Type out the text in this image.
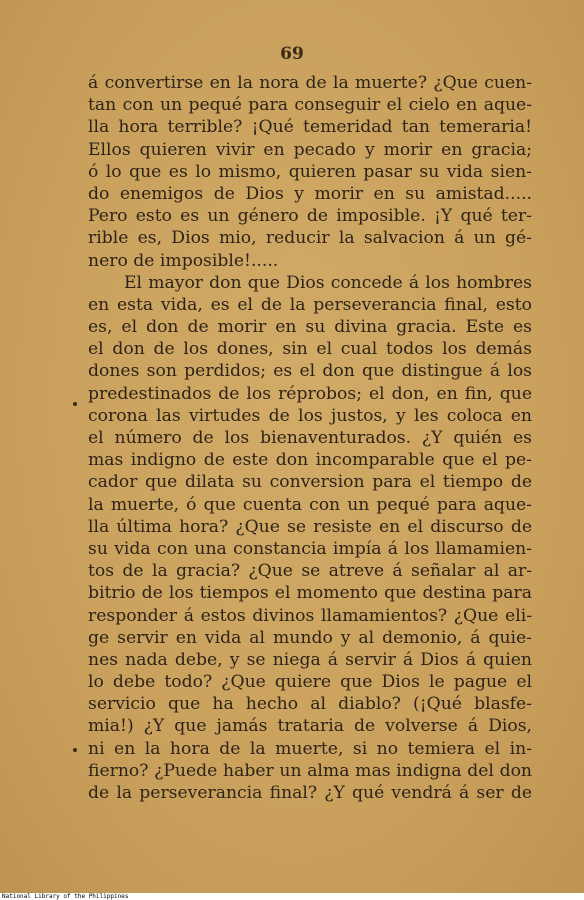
69
á convertirse en la nora de la muerte? ¿Que cuen-
tan con un pequé para conseguir el cielo en aque-
lla hora terrible? ¡Qué temeridad tan temeraria!
Ellos quieren vivir en pecado y morir en gracia;
ó lo que es lo mismo, quieren pasar su vida sien-
do enemigos de Dios y morir en su amistad.....
Pero esto es un género de imposible. ¡Y qué ter-
rible es, Dios mio, reducir la salvacion á un gé-
nero de imposible!.....
El mayor don que Dios concede á los hombres
en esta vida, es el de la perseverancia final, esto
es, el don de morir en su divina gracia. Este es
el don de los dones, sin el cual todos los demás
dones son perdidos; es el don que distingue á los
predestinados de los réprobos; el don, en fin, que
corona las virtudes de los justos, y les coloca en
el número de los bienaventurados. ¿Y quién es
mas indigno de este don incomparable que el pe-
cador que dilata su conversion para el tiempo de
la muerte, ó que cuenta con un pequé para aque-
lla última hora? ¿Que se resiste en el discurso de
su vida con una constancia impía á los llamamien-
tos de la gracia? ¿Que se atreve á señalar al ar-
bitrio de los tiempos el momento que destina para
responder á estos divinos llamamientos? ¿Que eli-
ge servir en vida al mundo y al demonio, á quie-
nes nada debe, y se niega á servir á Dios á quien
lo debe todo? ¿Que quiere que Dios le pague el
servicio que ha hecho al diablo? (¡Qué blasfe-
mia!) ¿Y que jamás trataria de volverse á Dios,
ni en la hora de la muerte, si no temiera el in-
fierno? ¿Puede haber un alma mas indigna del don
de la perseverancia final? ¿Y qué vendrá á ser de
National Library of the Philippines
